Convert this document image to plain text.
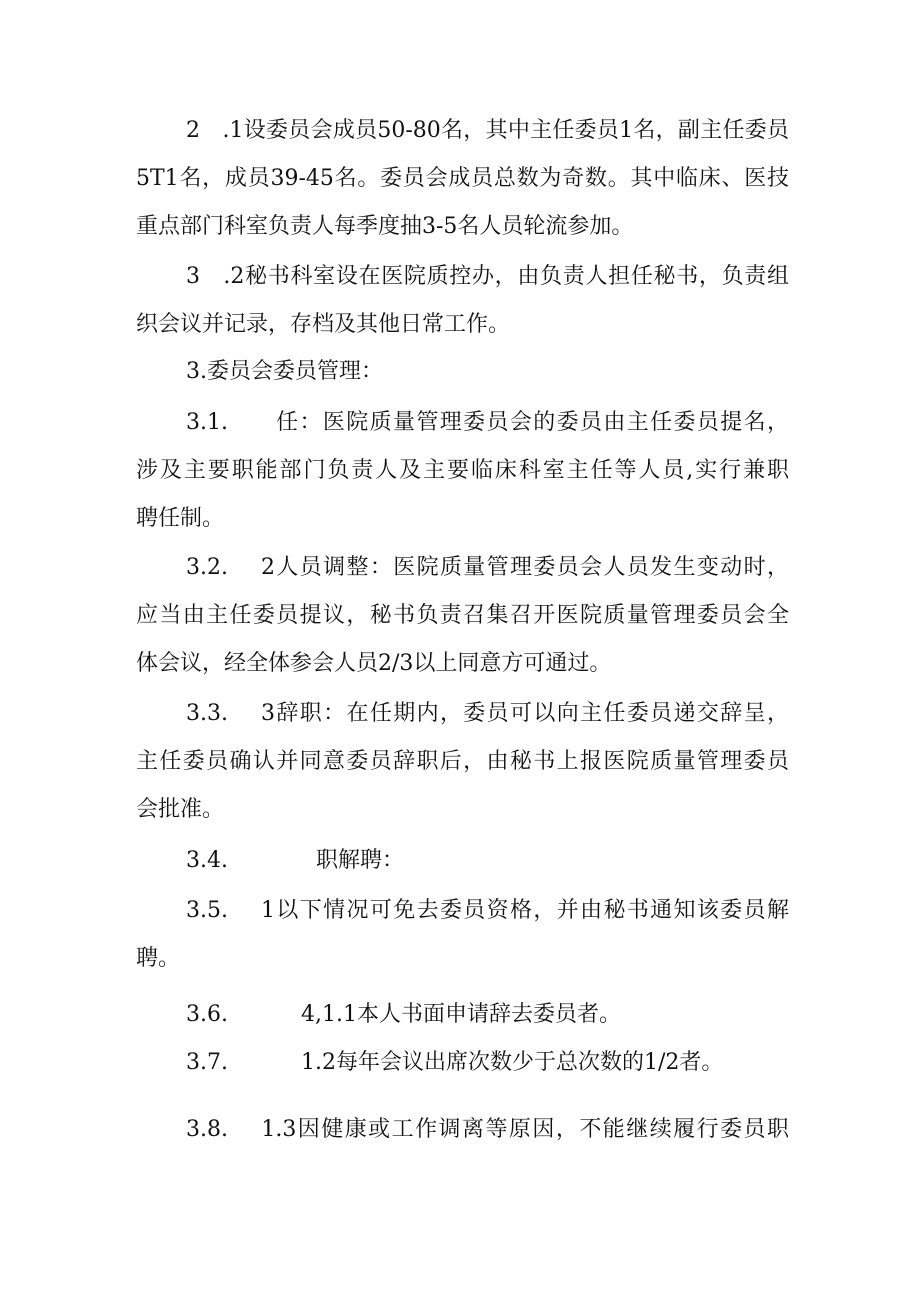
2　.1设委员会成员50-80名，其中主任委员1名，副主任委员
5T1名，成员39-45名。委员会成员总数为奇数。其中临床、医技
重点部门科室负责人每季度抽3-5名人员轮流参加。
3　.2秘书科室设在医院质控办，由负责人担任秘书，负责组
织会议并记录，存档及其他日常工作。
3.委员会委员管理：
3.1.　　任：医院质量管理委员会的委员由主任委员提名，
涉及主要职能部门负责人及主要临床科室主任等人员,实行兼职
聘任制。
3.2.　 2人员调整：医院质量管理委员会人员发生变动时，
应当由主任委员提议，秘书负责召集召开医院质量管理委员会全
体会议，经全体参会人员2/3以上同意方可通过。
3.3.　 3辞职：在任期内，委员可以向主任委员递交辞呈，
主任委员确认并同意委员辞职后，由秘书上报医院质量管理委员
会批准。
3.4.　　　　职解聘：
3.5.　 1以下情况可免去委员资格，并由秘书通知该委员解
聘。
3.6.　　　 4,1.1本人书面申请辞去委员者。
3.7.　　　 1.2每年会议出席次数少于总次数的1/2者。
3.8.　 1.3因健康或工作调离等原因，不能继续履行委员职
